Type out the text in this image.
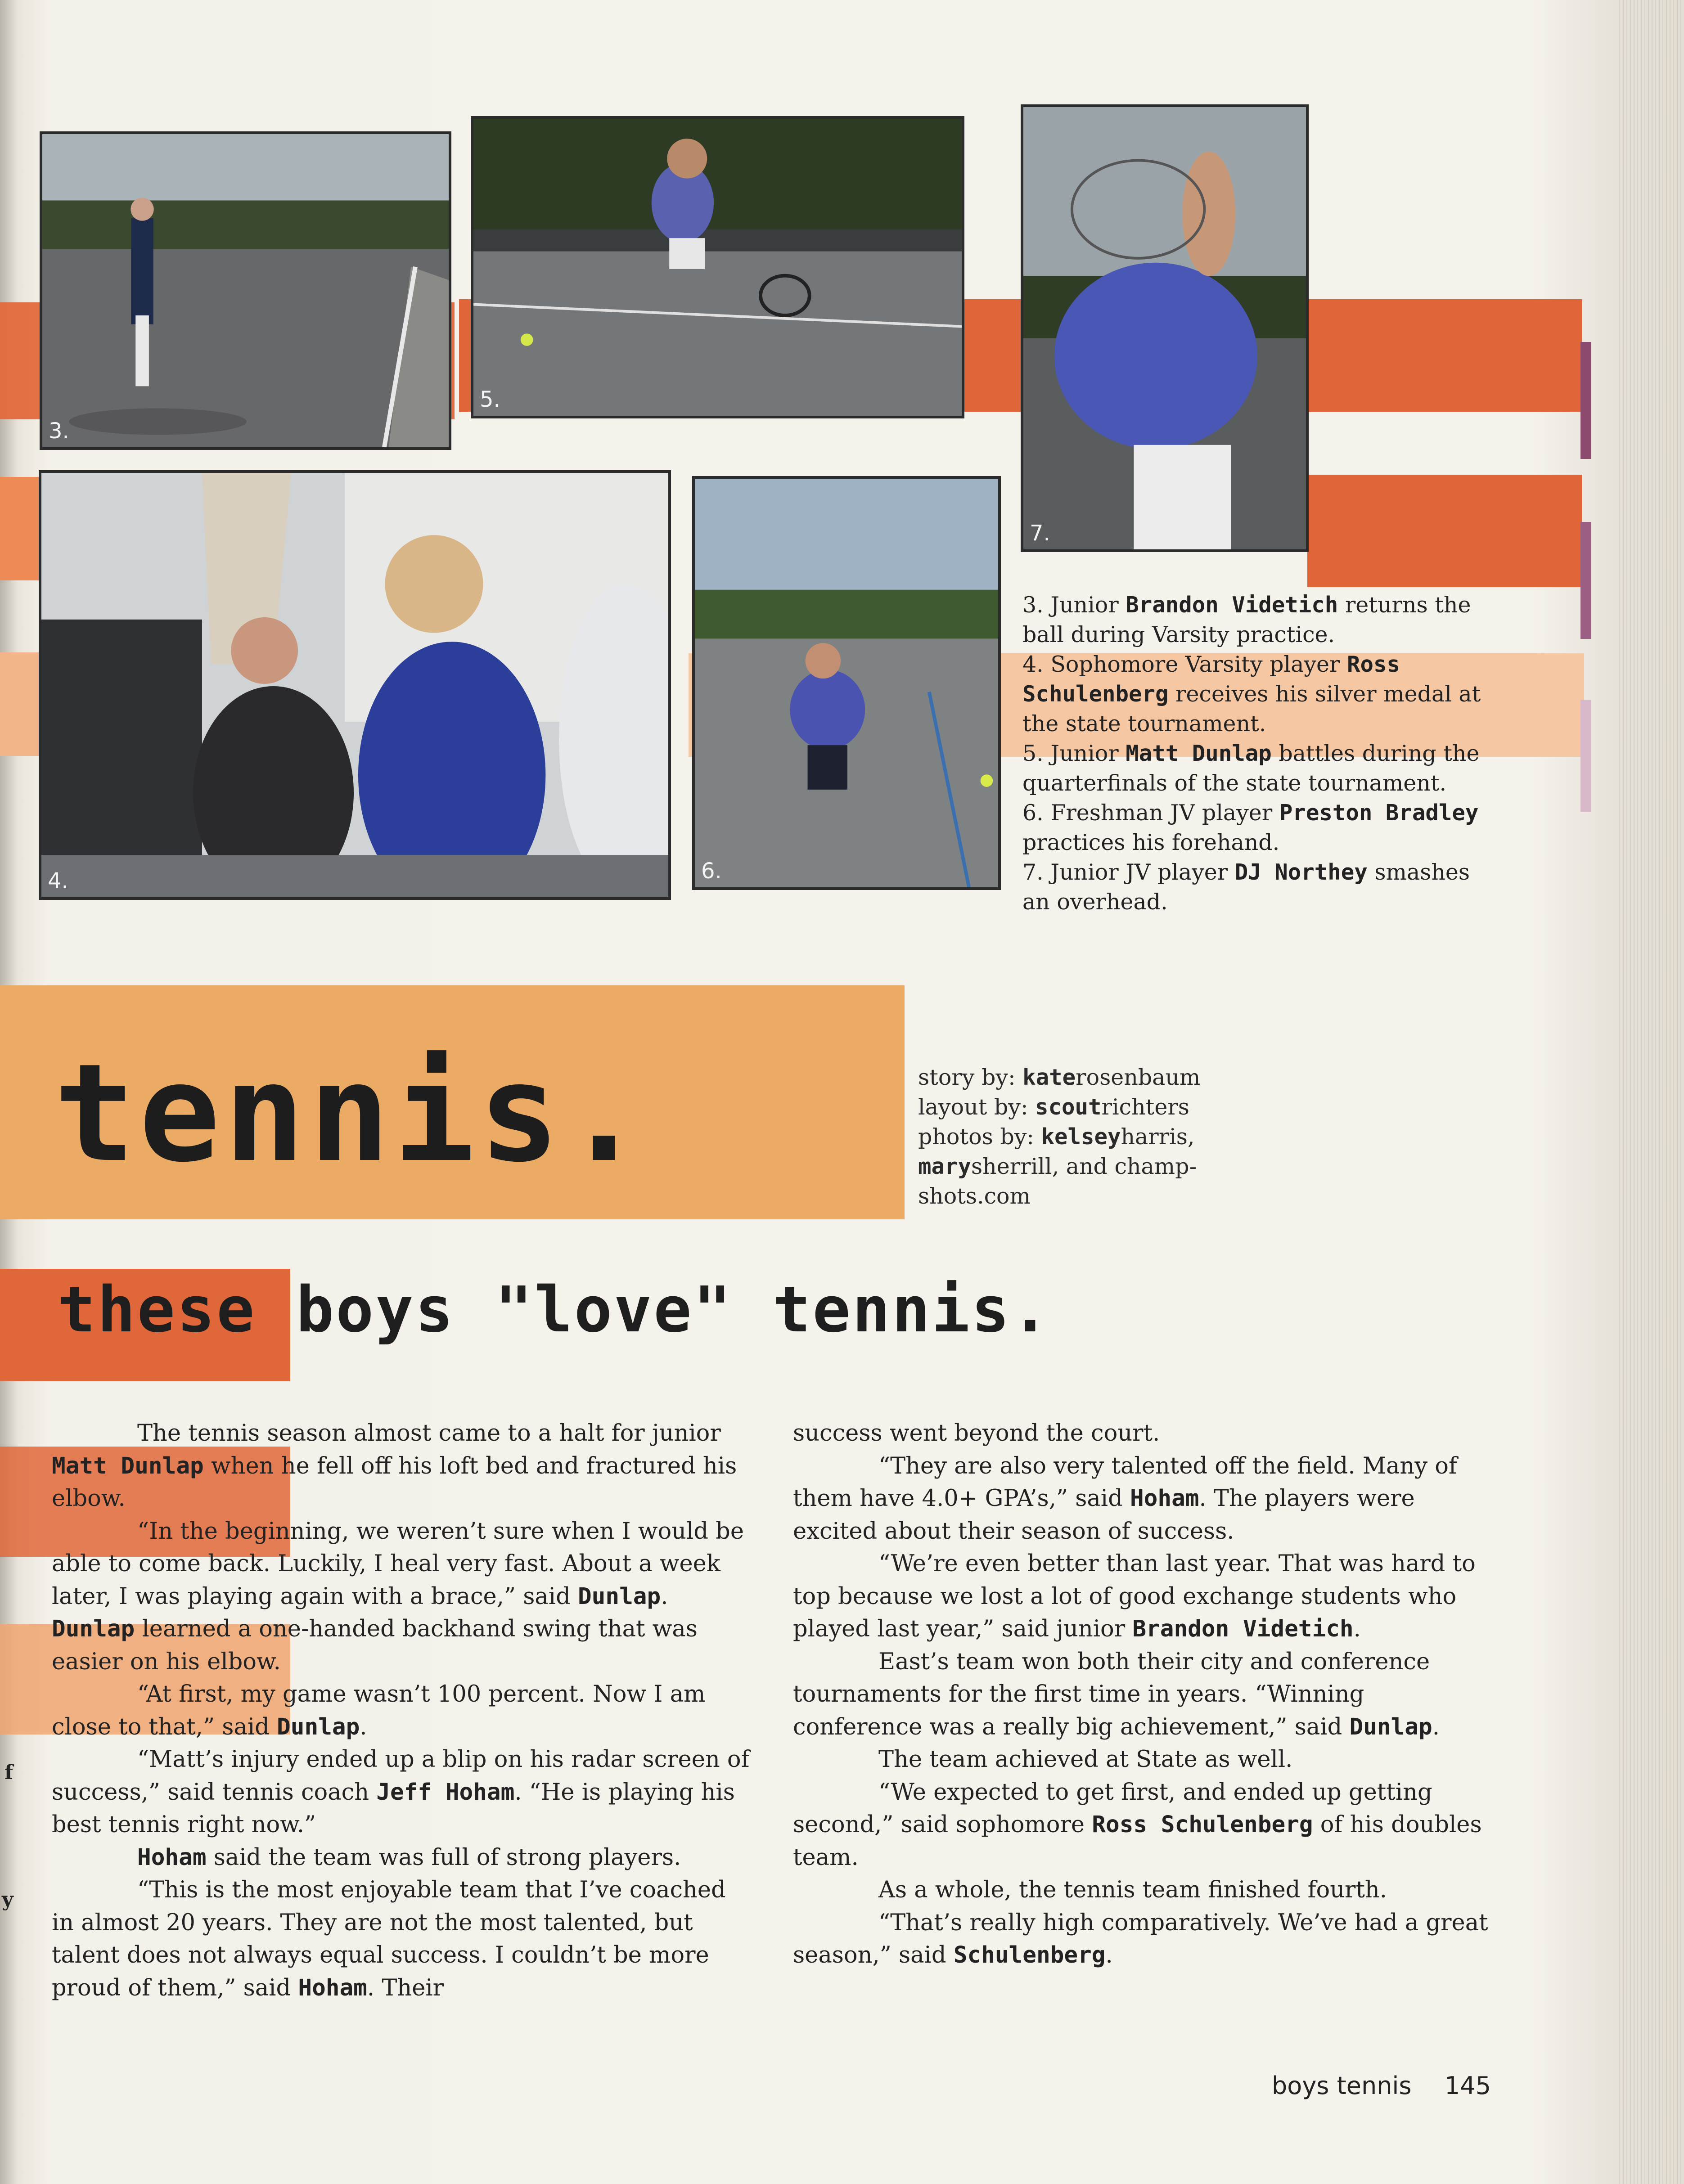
3.
5.
7.
4.	6.

3. Junior Brandon Videtich returns the ball during Varsity practice.

4. Sophomore Varsity player Ross Schulenberg receives his silver medal at the state tournament.

5. Junior Matt Dunlap battles during the quarterfinals of the state tournament.

6. Freshman JV player Preston Bradley practices his forehand.

7. Junior JV player DJ Northey smashes an overhead.

tennis.	story by: katerosenbaum

layout by: scoutrichters

photos by: kelseyharris, marysherrill, and champ-shots.com

these boys "love" tennis.

The tennis season almost came to a halt for junior Matt Dunlap when he fell off his loft bed and fractured his elbow.

“In the beginning, we weren’t sure when I would be able to come back. Luckily, I heal very fast. About a week later, I was playing again with a brace,” said Dunlap. Dunlap learned a one-handed backhand swing that was easier on his elbow.

“At first, my game wasn’t 100 percent. Now I am close to that,” said Dunlap.

“Matt’s injury ended up a blip on his radar screen of success,” said tennis coach Jeff Hoham. “He is playing his best tennis right now.”

Hoham said the team was full of strong players.

“This is the most enjoyable team that I’ve coached in almost 20 years. They are not the most talented, but talent does not always equal success. I couldn’t be more proud of them,” said Hoham. Their

success went beyond the court.

“They are also very talented off the field. Many of them have 4.0+ GPA’s,” said Hoham. The players were excited about their season of success.

“We’re even better than last year. That was hard to top because we lost a lot of good exchange students who played last year,” said junior Brandon Videtich.

East’s team won both their city and conference tournaments for the first time in years. “Winning conference was a really big achievement,” said Dunlap.

The team achieved at State as well.

“We expected to get first, and ended up getting second,” said sophomore Ross Schulenberg of his doubles team.

As a whole, the tennis team finished fourth.

“That’s really high comparatively. We’ve had a great season,” said Schulenberg.

f
y
boys tennis 145
